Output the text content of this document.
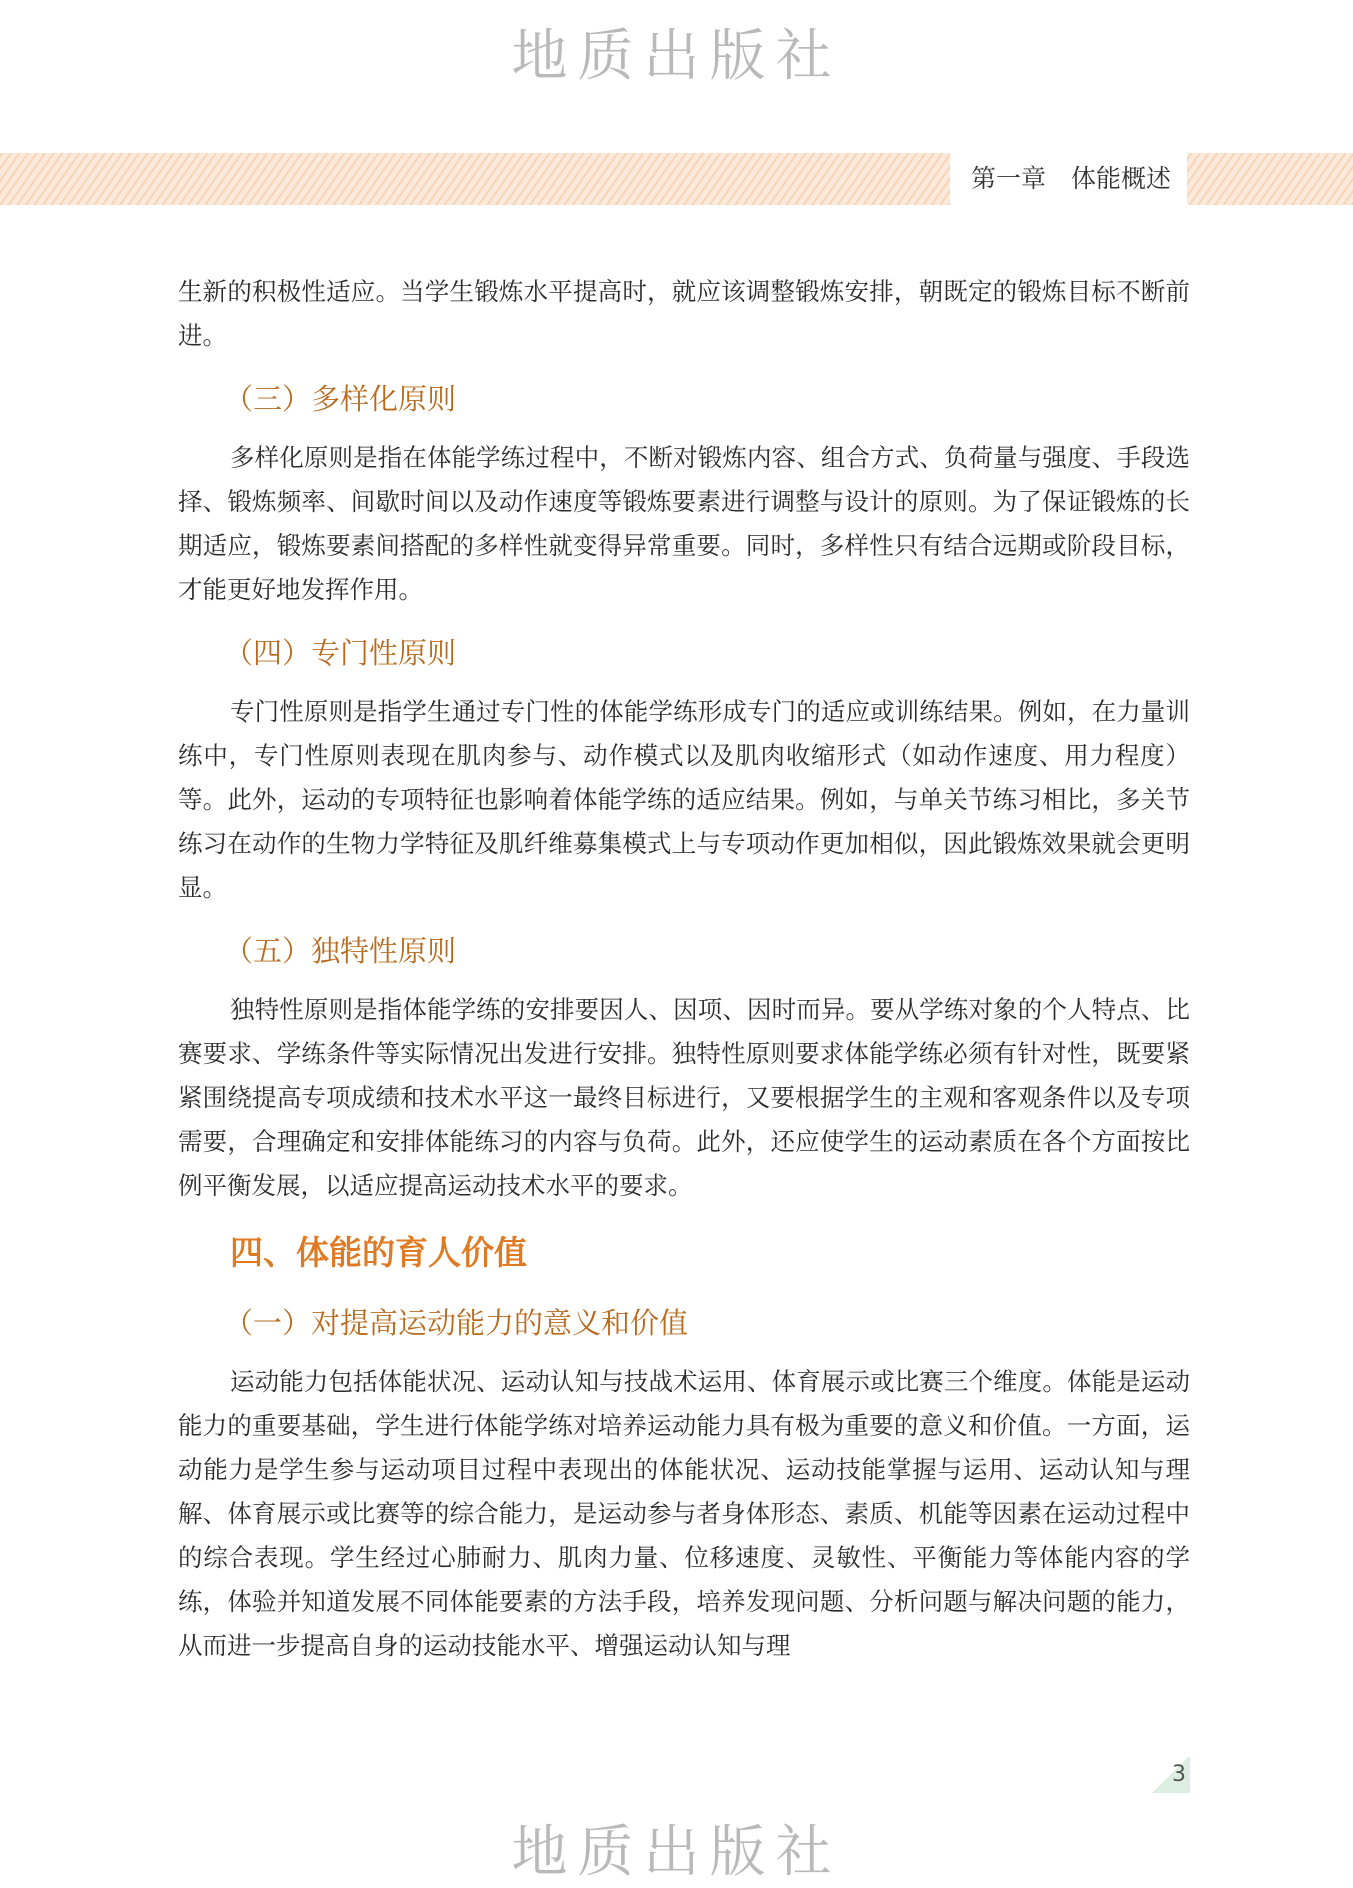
地质出版社
第一章　体能概述

生新的积极性适应。当学生锻炼水平提高时，就应该调整锻炼安排，朝既定的锻炼目标不断前进。

（三）多样化原则

多样化原则是指在体能学练过程中，不断对锻炼内容、组合方式、负荷量与强度、手段选择、锻炼频率、间歇时间以及动作速度等锻炼要素进行调整与设计的原则。为了保证锻炼的长期适应，锻炼要素间搭配的多样性就变得异常重要。同时，多样性只有结合远期或阶段目标，才能更好地发挥作用。

（四）专门性原则

专门性原则是指学生通过专门性的体能学练形成专门的适应或训练结果。例如，在力量训练中，专门性原则表现在肌肉参与、动作模式以及肌肉收缩形式（如动作速度、用力程度）等。此外，运动的专项特征也影响着体能学练的适应结果。例如，与单关节练习相比，多关节练习在动作的生物力学特征及肌纤维募集模式上与专项动作更加相似，因此锻炼效果就会更明显。

（五）独特性原则

独特性原则是指体能学练的安排要因人、因项、因时而异。要从学练对象的个人特点、比赛要求、学练条件等实际情况出发进行安排。独特性原则要求体能学练必须有针对性，既要紧紧围绕提高专项成绩和技术水平这一最终目标进行，又要根据学生的主观和客观条件以及专项需要，合理确定和安排体能练习的内容与负荷。此外，还应使学生的运动素质在各个方面按比例平衡发展，以适应提高运动技术水平的要求。

四、体能的育人价值
（一）对提高运动能力的意义和价值

运动能力包括体能状况、运动认知与技战术运用、体育展示或比赛三个维度。体能是运动能力的重要基础，学生进行体能学练对培养运动能力具有极为重要的意义和价值。一方面，运动能力是学生参与运动项目过程中表现出的体能状况、运动技能掌握与运用、运动认知与理解、体育展示或比赛等的综合能力，是运动参与者身体形态、素质、机能等因素在运动过程中的综合表现。学生经过心肺耐力、肌肉力量、位移速度、灵敏性、平衡能力等体能内容的学练，体验并知道发展不同体能要素的方法手段，培养发现问题、分析问题与解决问题的能力，从而进一步提高自身的运动技能水平、增强运动认知与理

3
地质出版社
